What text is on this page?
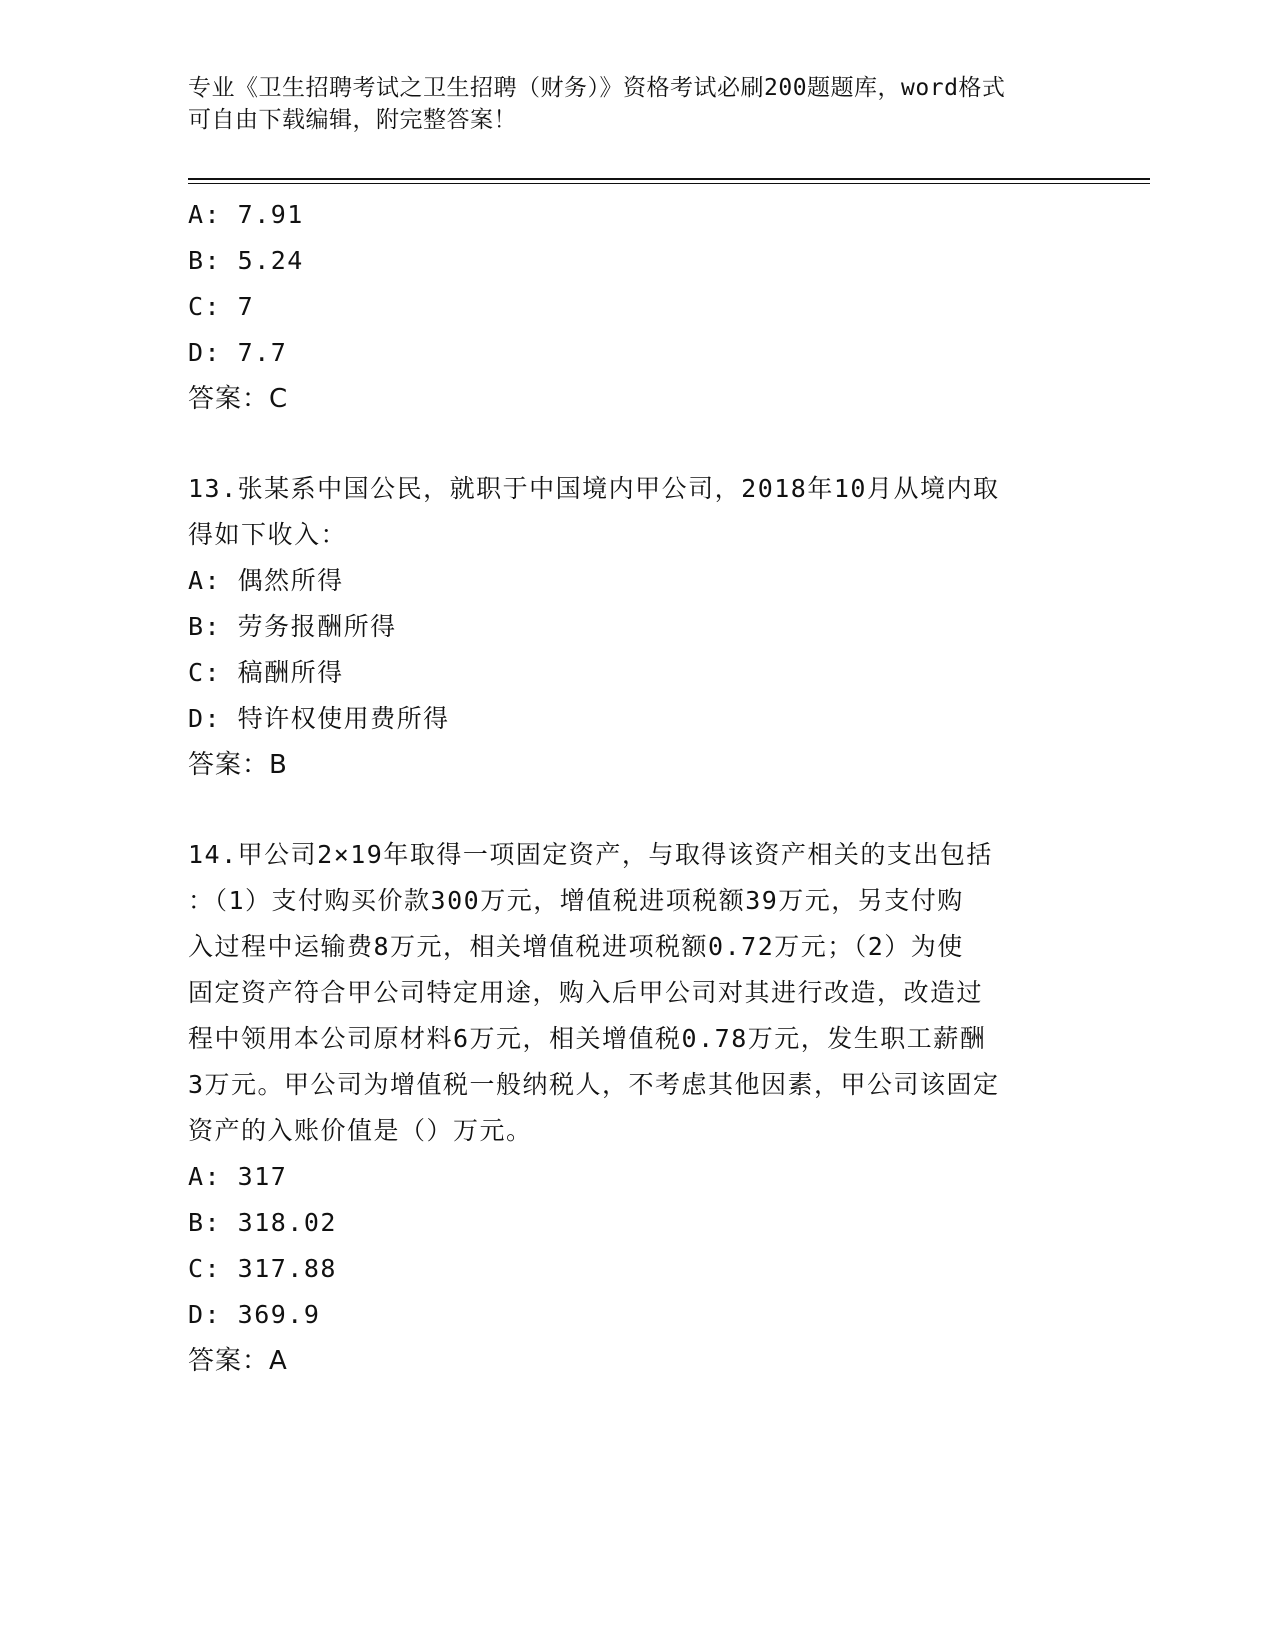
专业《卫生招聘考试之卫生招聘（财务）》资格考试必刷200题题库，word格式
可自由下载编辑，附完整答案！
A: 7.91
B: 5.24
C: 7
D: 7.7
答案：C
13.张某系中国公民，就职于中国境内甲公司，2018年10月从境内取
得如下收入：
A: 偶然所得
B: 劳务报酬所得
C: 稿酬所得
D: 特许权使用费所得
答案：B
14.甲公司2×19年取得一项固定资产，与取得该资产相关的支出包括
：（1）支付购买价款300万元，增值税进项税额39万元，另支付购
入过程中运输费8万元，相关增值税进项税额0.72万元；（2）为使
固定资产符合甲公司特定用途，购入后甲公司对其进行改造，改造过
程中领用本公司原材料6万元，相关增值税0.78万元，发生职工薪酬
3万元。甲公司为增值税一般纳税人，不考虑其他因素，甲公司该固定
资产的入账价值是（）万元。
A: 317
B: 318.02
C: 317.88
D: 369.9
答案：A
